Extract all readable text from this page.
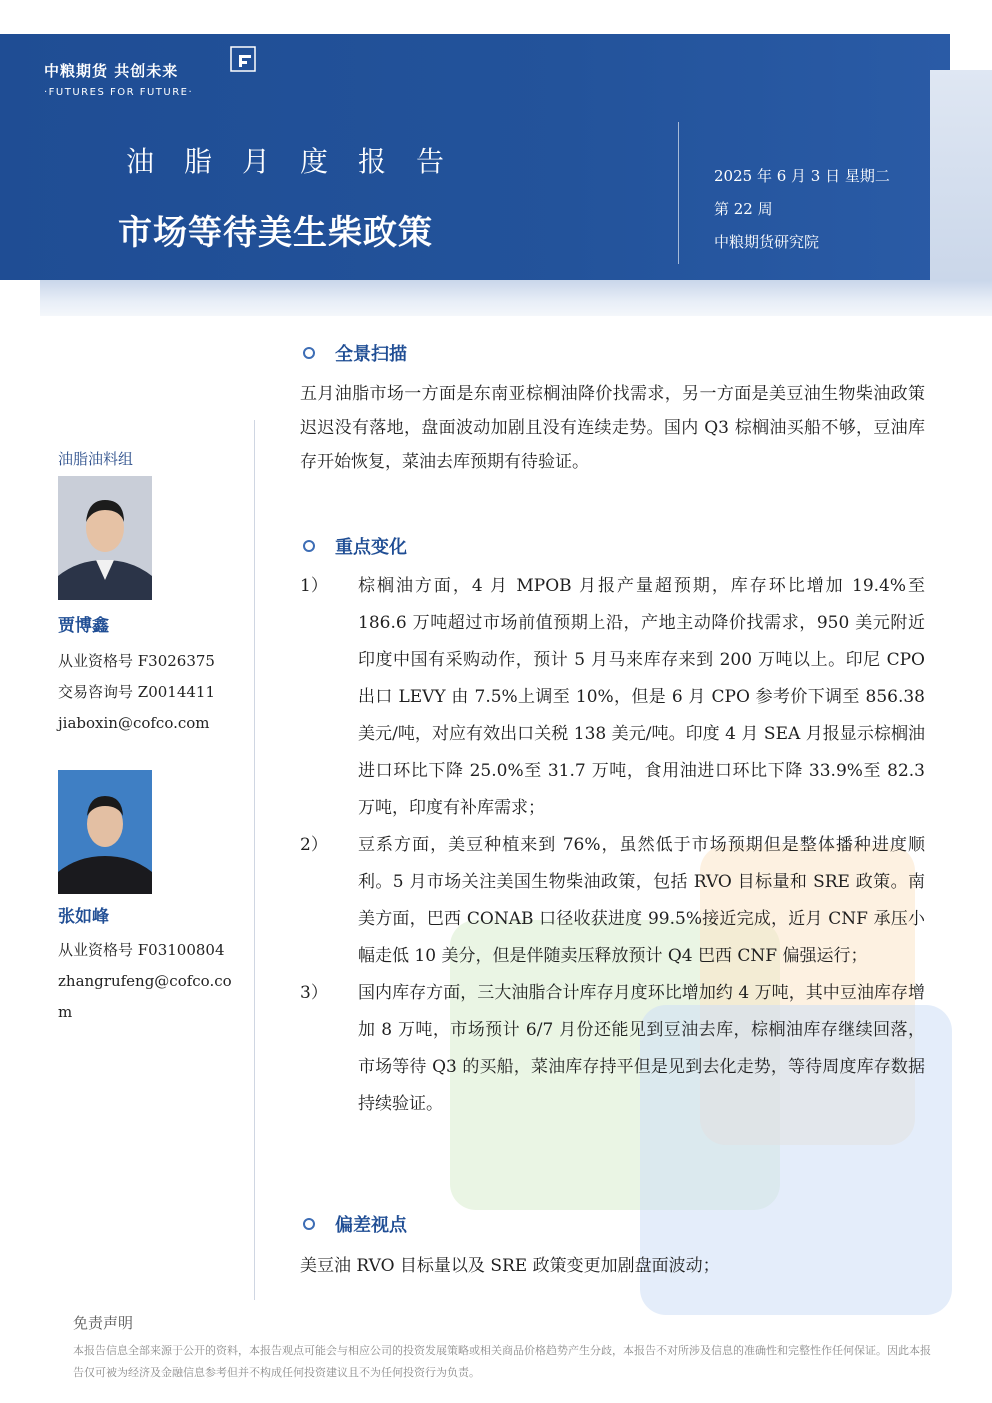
中粮期货 共创未来
·FUTURES FOR FUTURE·
油脂月度报告
市场等待美生柴政策
2025 年 6 月 3 日 星期二
第 22 周
中粮期货研究院
油脂油料组
贾博鑫
从业资格号 F3026375
交易咨询号 Z0014411
jiaboxin@cofco.com
张如峰
从业资格号 F03100804
zhangrufeng@cofco.com
全景扫描
五月油脂市场一方面是东南亚棕榈油降价找需求，另一方面是美豆油生物柴油政策迟迟没有落地，盘面波动加剧且没有连续走势。国内 Q3 棕榈油买船不够，豆油库存开始恢复，菜油去库预期有待验证。
重点变化
1）	棕榈油方面，4 月 MPOB 月报产量超预期，库存环比增加 19.4%至 186.6 万吨超过市场前值预期上沿，产地主动降价找需求，950 美元附近印度中国有采购动作，预计 5 月马来库存来到 200 万吨以上。印尼 CPO 出口 LEVY 由 7.5%上调至 10%，但是 6 月 CPO 参考价下调至 856.38 美元/吨，对应有效出口关税 138 美元/吨。印度 4 月 SEA 月报显示棕榈油进口环比下降 25.0%至 31.7 万吨，食用油进口环比下降 33.9%至 82.3 万吨，印度有补库需求；
2）	豆系方面，美豆种植来到 76%，虽然低于市场预期但是整体播种进度顺利。5 月市场关注美国生物柴油政策，包括 RVO 目标量和 SRE 政策。南美方面，巴西 CONAB 口径收获进度 99.5%接近完成，近月 CNF 承压小幅走低 10 美分，但是伴随卖压释放预计 Q4 巴西 CNF 偏强运行；
3）	国内库存方面，三大油脂合计库存月度环比增加约 4 万吨，其中豆油库存增加 8 万吨，市场预计 6/7 月份还能见到豆油去库，棕榈油库存继续回落，市场等待 Q3 的买船，菜油库存持平但是见到去化走势，等待周度库存数据持续验证。
偏差视点
美豆油 RVO 目标量以及 SRE 政策变更加剧盘面波动；
免责声明
本报告信息全部来源于公开的资料，本报告观点可能会与相应公司的投资发展策略或相关商品价格趋势产生分歧，本报告不对所涉及信息的准确性和完整性作任何保证。因此本报告仅可被为经济及金融信息参考但并不构成任何投资建议且不为任何投资行为负责。
